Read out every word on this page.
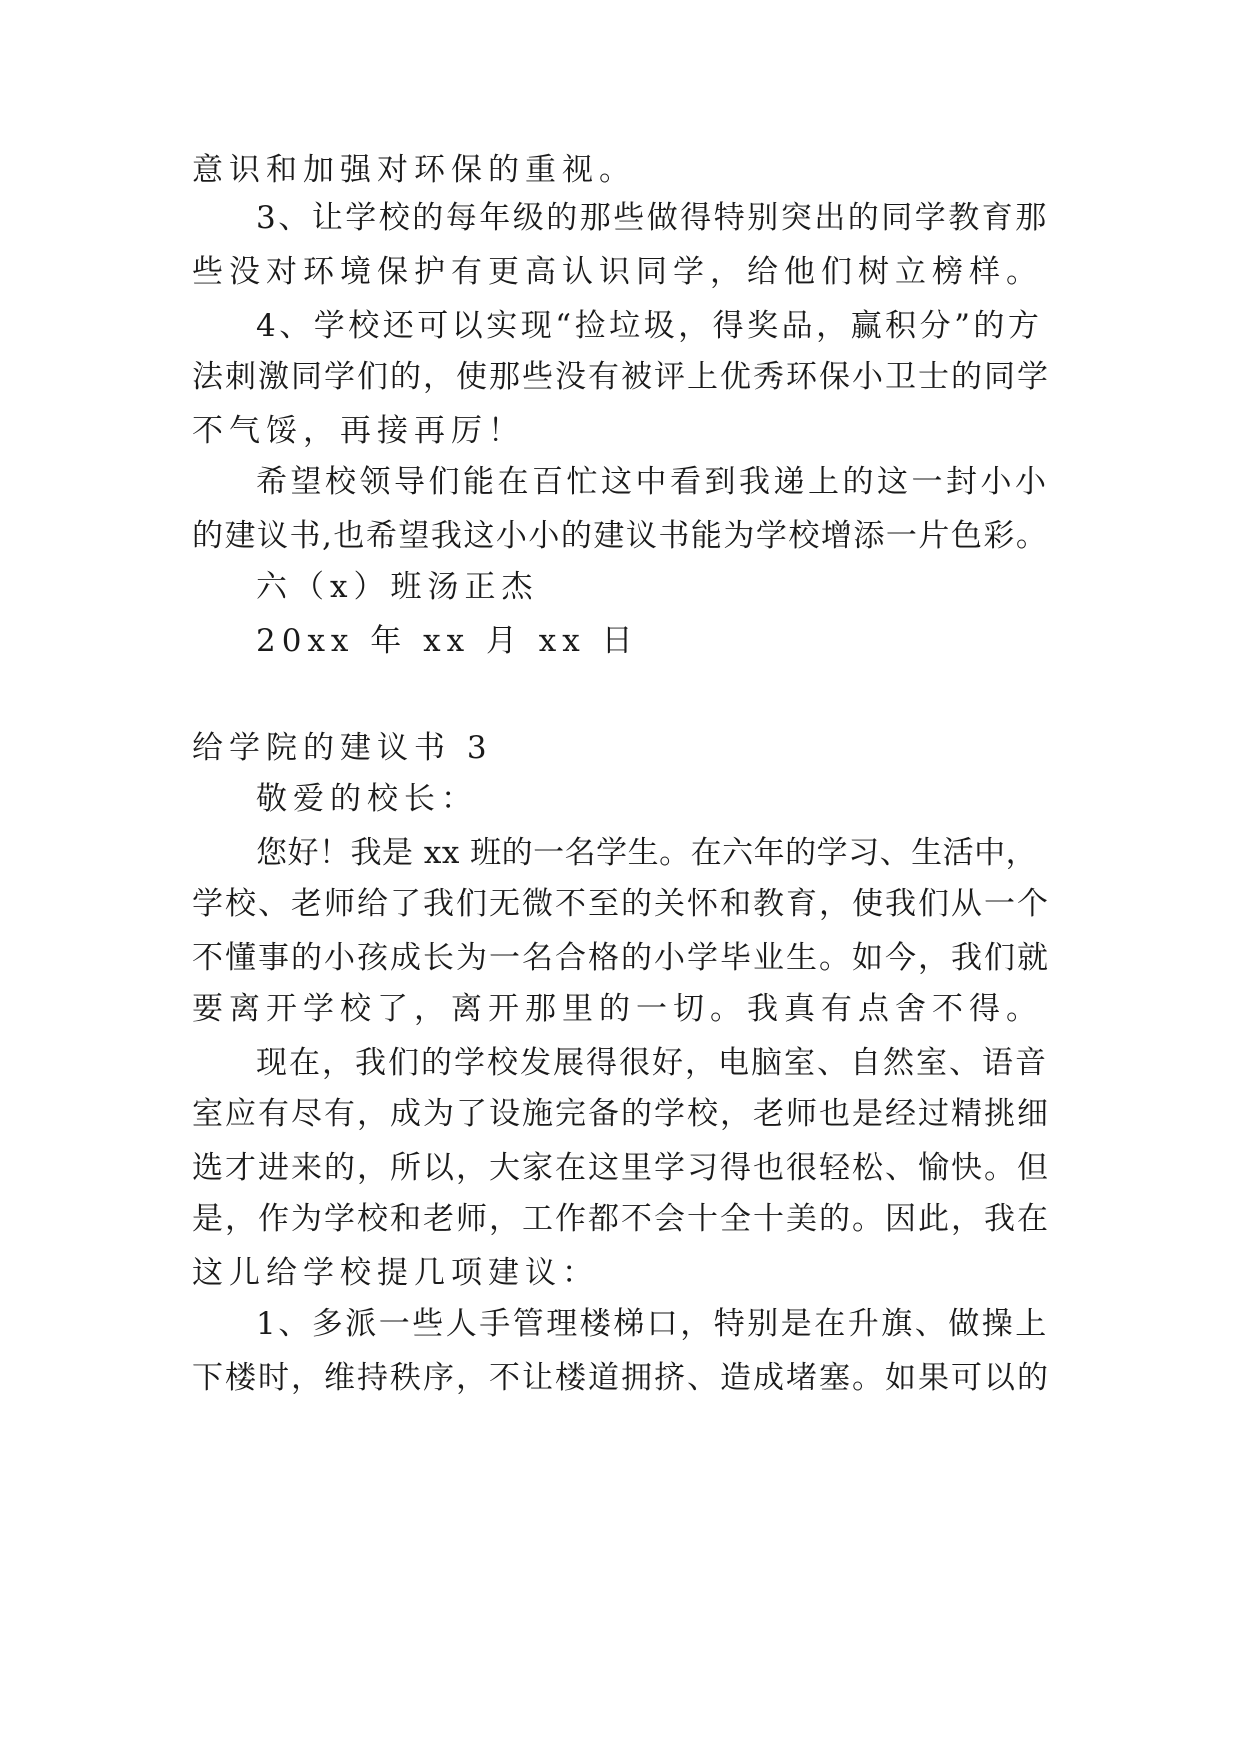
意识和加强对环保的重视。
3、让学校的每年级的那些做得特别突出的同学教育那
些没对环境保护有更高认识同学，给他们树立榜样。
4、学校还可以实现“捡垃圾，得奖品，赢积分”的方
法刺激同学们的，使那些没有被评上优秀环保小卫士的同学
不气馁，再接再厉！
希望校领导们能在百忙这中看到我递上的这一封小小
的建议书,也希望我这小小的建议书能为学校增添一片色彩。
六（x）班汤正杰
20xx 年 xx 月 xx 日
给学院的建议书 3
敬爱的校长：
您好！我是 xx 班的一名学生。在六年的学习、生活中，
学校、老师给了我们无微不至的关怀和教育，使我们从一个
不懂事的小孩成长为一名合格的小学毕业生。如今，我们就
要离开学校了，离开那里的一切。我真有点舍不得。
现在，我们的学校发展得很好，电脑室、自然室、语音
室应有尽有，成为了设施完备的学校，老师也是经过精挑细
选才进来的，所以，大家在这里学习得也很轻松、愉快。但
是，作为学校和老师，工作都不会十全十美的。因此，我在
这儿给学校提几项建议：
1、多派一些人手管理楼梯口，特别是在升旗、做操上
下楼时，维持秩序，不让楼道拥挤、造成堵塞。如果可以的
